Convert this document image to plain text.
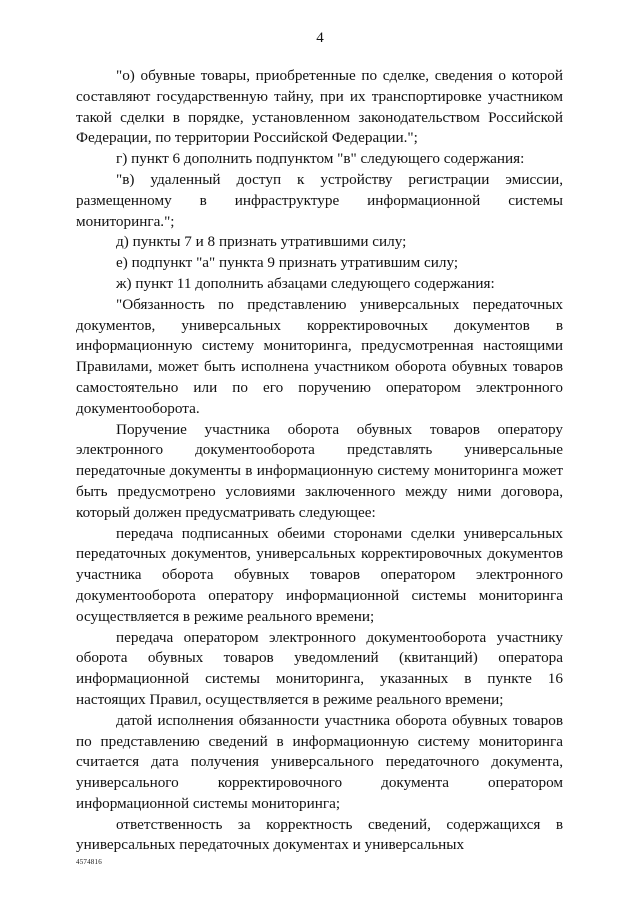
4

"о) обувные товары, приобретенные по сделке, сведения о которой составляют государственную тайну, при их транспортировке участником такой сделки в порядке, установленном законодательством Российской Федерации, по территории Российской Федерации.";

г) пункт 6 дополнить подпунктом "в" следующего содержания:

"в) удаленный доступ к устройству регистрации эмиссии, размещенному в инфраструктуре информационной системы мониторинга.";

д) пункты 7 и 8 признать утратившими силу;

е) подпункт "а" пункта 9 признать утратившим силу;

ж) пункт 11 дополнить абзацами следующего содержания:

"Обязанность по представлению универсальных передаточных документов, универсальных корректировочных документов в информационную систему мониторинга, предусмотренная настоящими Правилами, может быть исполнена участником оборота обувных товаров самостоятельно или по его поручению оператором электронного документооборота.

Поручение участника оборота обувных товаров оператору электронного документооборота представлять универсальные передаточные документы в информационную систему мониторинга может быть предусмотрено условиями заключенного между ними договора, который должен предусматривать следующее:

передача подписанных обеими сторонами сделки универсальных передаточных документов, универсальных корректировочных документов участника оборота обувных товаров оператором электронного документооборота оператору информационной системы мониторинга осуществляется в режиме реального времени;

передача оператором электронного документооборота участнику оборота обувных товаров уведомлений (квитанций) оператора информационной системы мониторинга, указанных в пункте 16 настоящих Правил, осуществляется в режиме реального времени;

датой исполнения обязанности участника оборота обувных товаров по представлению сведений в информационную систему мониторинга считается дата получения универсального передаточного документа, универсального корректировочного документа оператором информационной системы мониторинга;

ответственность за корректность сведений, содержащихся в универсальных передаточных документах и универсальных

4574816
